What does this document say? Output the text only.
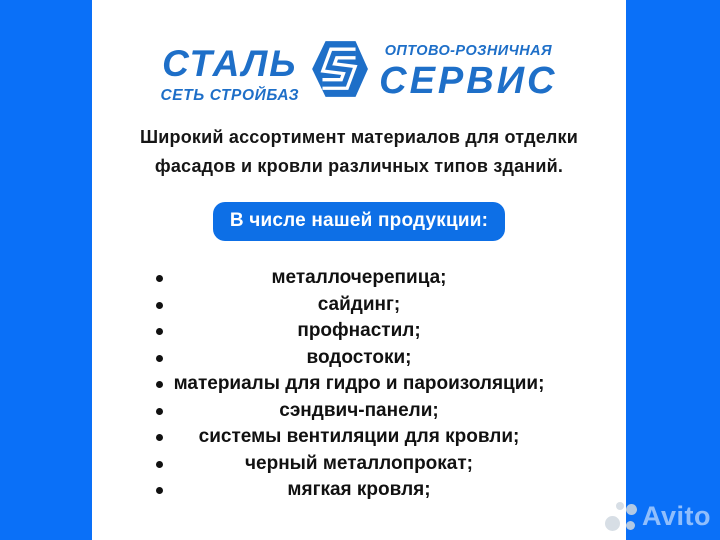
СТАЛЬ
СЕТЬ СТРОЙБАЗ
ОПТОВО-РОЗНИЧНАЯ
СЕРВИС

Широкий ассортимент материалов для отделки фасадов и кровли различных типов зданий.

В числе нашей продукции:
металлочерепица;
сайдинг;
профнастил;
водостоки;
материалы для гидро и пароизоляции;
сэндвич-панели;
системы вентиляции для кровли;
черный металлопрокат;
мягкая кровля;
Avito
